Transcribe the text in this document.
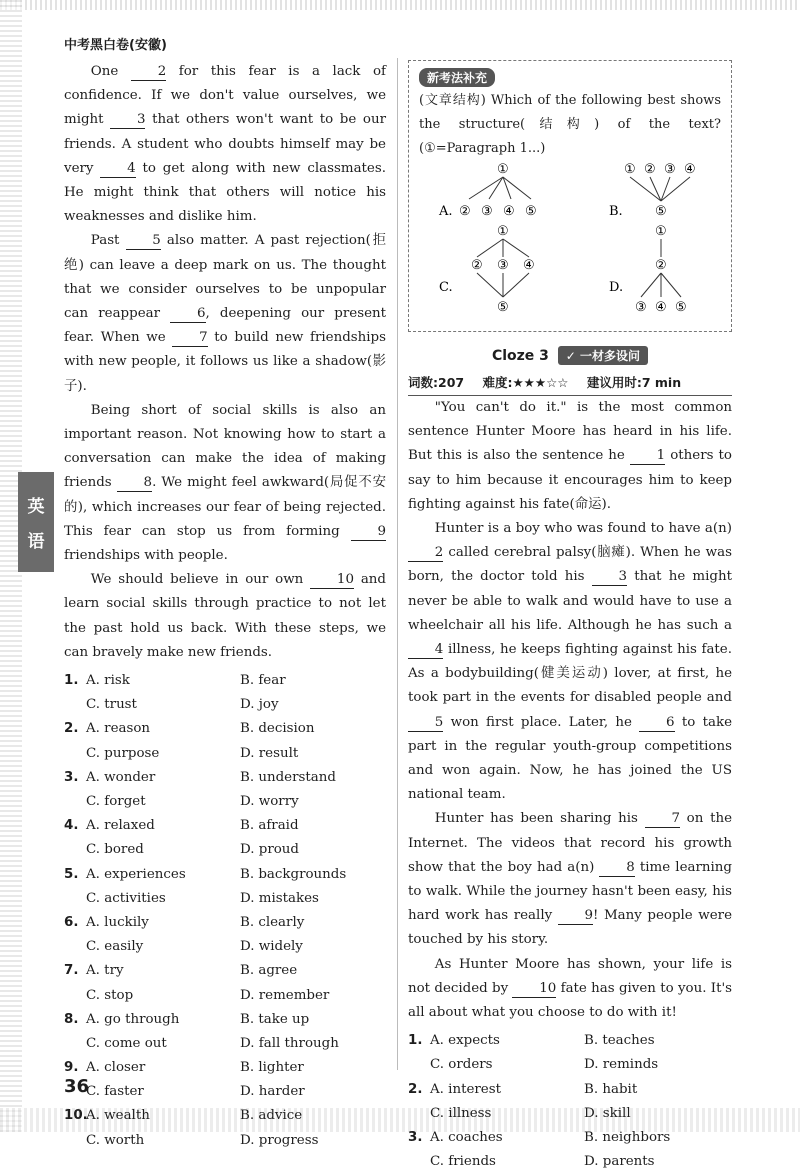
中考黑白卷(安徽)
英
语

One 2 for this fear is a lack of confidence. If we don't value ourselves, we might 3 that others won't want to be our friends. A student who doubts himself may be very 4 to get along with new classmates. He might think that others will notice his weaknesses and dislike him.

Past 5 also matter. A past rejection(拒绝) can leave a deep mark on us. The thought that we consider ourselves to be unpopular can reappear 6, deepening our present fear. When we 7 to build new friendships with new people, it follows us like a shadow(影子).

Being short of social skills is also an important reason. Not knowing how to start a conversation can make the idea of making friends 8. We might feel awkward(局促不安的), which increases our fear of being rejected. This fear can stop us from forming 9 friendships with people.

We should believe in our own 10 and learn social skills through practice to not let the past hold us back. With these steps, we can bravely make new friends.

1. A. risk	B. fear
C. trust	D. joy
2. A. reason	B. decision
C. purpose	D. result
3. A. wonder	B. understand
C. forget	D. worry
4. A. relaxed	B. afraid
C. bored	D. proud
5. A. experiences	B. backgrounds
C. activities	D. mistakes
6. A. luckily	B. clearly
C. easily	D. widely
7. A. try	B. agree
C. stop	D. remember
8. A. go through	B. take up
C. come out	D. fall through
9. A. closer	B. lighter
C. faster	D. harder
10.
A. wealth	B. advice
C. worth	D. progress
新考法补充
(文章结构) Which of the following best shows the structure(结构) of the text? (①=Paragraph 1...)
A.
①
② ③ ④ ⑤	B.
① ② ③ ④
⑤
C.
①
② ③ ④
⑤
D.
①
②
③ ④ ⑤
Cloze 3 ✓ 一材多设问
词数:207 难度:★★★☆☆ 建议用时:7 min

"You can't do it." is the most common sentence Hunter Moore has heard in his life. But this is also the sentence he 1 others to say to him because it encourages him to keep fighting against his fate(命运).

Hunter is a boy who was found to have a(n) 2 called cerebral palsy(脑瘫). When he was born, the doctor told his 3 that he might never be able to walk and would have to use a wheelchair all his life. Although he has such a 4 illness, he keeps fighting against his fate. As a bodybuilding(健美运动) lover, at first, he took part in the events for disabled people and 5 won first place. Later, he 6 to take part in the regular youth-group competitions and won again. Now, he has joined the US national team.

Hunter has been sharing his 7 on the Internet. The videos that record his growth show that the boy had a(n) 8 time learning to walk. While the journey hasn't been easy, his hard work has really 9! Many people were touched by his story.

As Hunter Moore has shown, your life is not decided by 10 fate has given to you. It's all about what you choose to do with it!

1. A. expects	B. teaches
C. orders	D. reminds
2. A. interest	B. habit
C. illness	D. skill
3. A. coaches	B. neighbors
C. friends	D. parents
36
